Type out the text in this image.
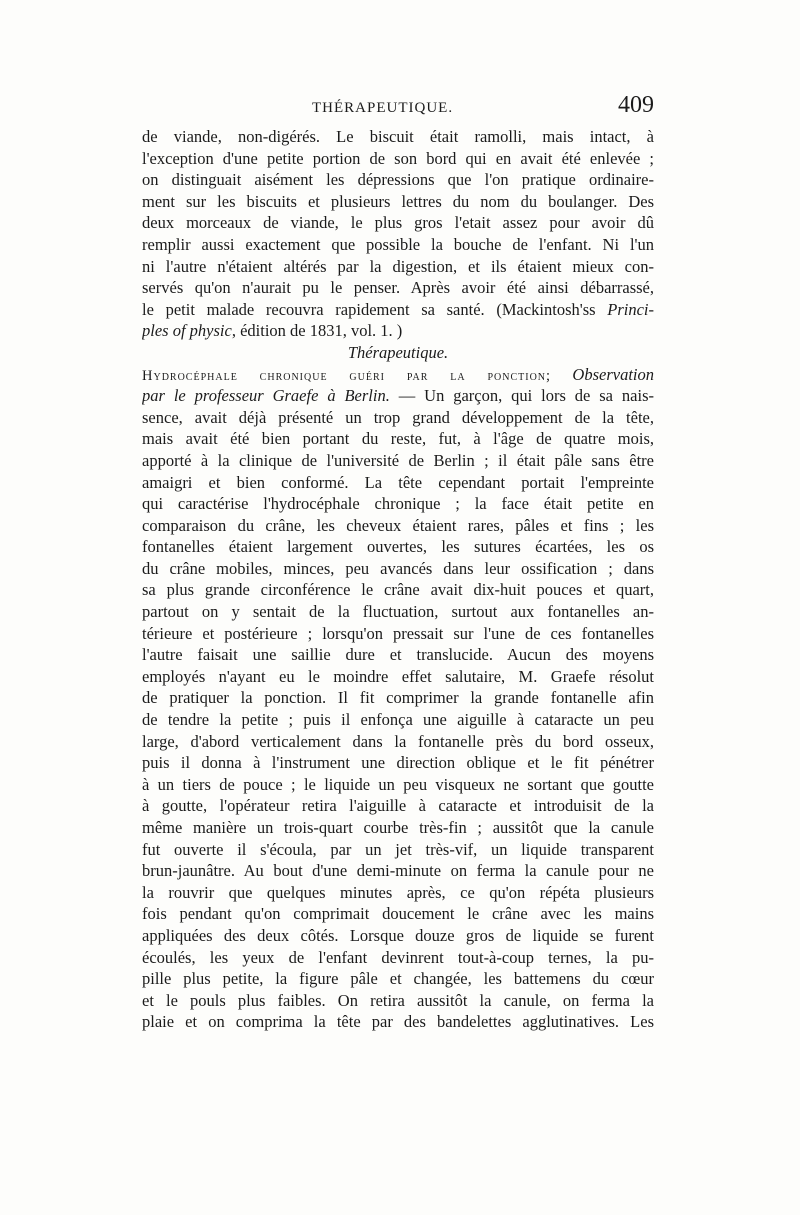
THÉRAPEUTIQUE.	409
de viande, non-digérés. Le biscuit était ramolli, mais intact, à
l'exception d'une petite portion de son bord qui en avait été enlevée ;
on distinguait aisément les dépressions que l'on pratique ordinaire-
ment sur les biscuits et plusieurs lettres du nom du boulanger. Des
deux morceaux de viande, le plus gros l'etait assez pour avoir dû
remplir aussi exactement que possible la bouche de l'enfant. Ni l'un
ni l'autre n'étaient altérés par la digestion, et ils étaient mieux con-
servés qu'on n'aurait pu le penser. Après avoir été ainsi débarrassé,
le petit malade recouvra rapidement sa santé. (Mackintosh'ss Princi-
ples of physic, édition de 1831, vol. 1. )
Thérapeutique.
Hydrocéphale chronique guéri par la ponction; Observation
par le professeur Graefe à Berlin. — Un garçon, qui lors de sa nais-
sence, avait déjà présenté un trop grand développement de la tête,
mais avait été bien portant du reste, fut, à l'âge de quatre mois,
apporté à la clinique de l'université de Berlin ; il était pâle sans être
amaigri et bien conformé. La tête cependant portait l'empreinte
qui caractérise l'hydrocéphale chronique ; la face était petite en
comparaison du crâne, les cheveux étaient rares, pâles et fins ; les
fontanelles étaient largement ouvertes, les sutures écartées, les os
du crâne mobiles, minces, peu avancés dans leur ossification ; dans
sa plus grande circonférence le crâne avait dix-huit pouces et quart,
partout on y sentait de la fluctuation, surtout aux fontanelles an-
térieure et postérieure ; lorsqu'on pressait sur l'une de ces fontanelles
l'autre faisait une saillie dure et translucide. Aucun des moyens
employés n'ayant eu le moindre effet salutaire, M. Graefe résolut
de pratiquer la ponction. Il fit comprimer la grande fontanelle afin
de tendre la petite ; puis il enfonça une aiguille à cataracte un peu
large, d'abord verticalement dans la fontanelle près du bord osseux,
puis il donna à l'instrument une direction oblique et le fit pénétrer
à un tiers de pouce ; le liquide un peu visqueux ne sortant que goutte
à goutte, l'opérateur retira l'aiguille à cataracte et introduisit de la
même manière un trois-quart courbe très-fin ; aussitôt que la canule
fut ouverte il s'écoula, par un jet très-vif, un liquide transparent
brun-jaunâtre. Au bout d'une demi-minute on ferma la canule pour ne
la rouvrir que quelques minutes après, ce qu'on répéta plusieurs
fois pendant qu'on comprimait doucement le crâne avec les mains
appliquées des deux côtés. Lorsque douze gros de liquide se furent
écoulés, les yeux de l'enfant devinrent tout-à-coup ternes, la pu-
pille plus petite, la figure pâle et changée, les battemens du cœur
et le pouls plus faibles. On retira aussitôt la canule, on ferma la
plaie et on comprima la tête par des bandelettes agglutinatives. Les
